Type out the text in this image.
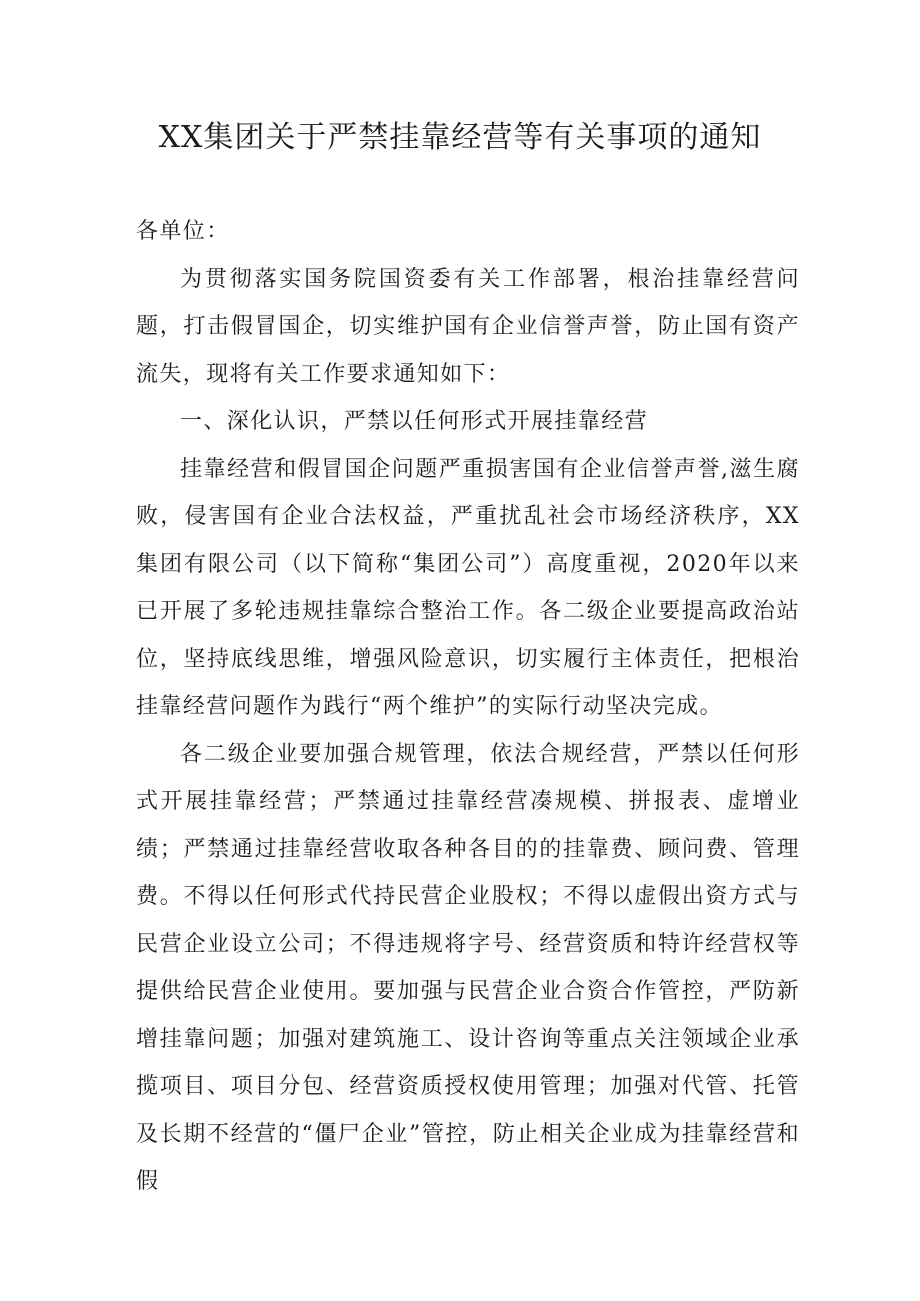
XX集团关于严禁挂靠经营等有关事项的通知

各单位：

为贯彻落实国务院国资委有关工作部署，根治挂靠经营问题，打击假冒国企，切实维护国有企业信誉声誉，防止国有资产流失，现将有关工作要求通知如下：

一、深化认识，严禁以任何形式开展挂靠经营

挂靠经营和假冒国企问题严重损害国有企业信誉声誉,滋生腐败，侵害国有企业合法权益，严重扰乱社会市场经济秩序，XX集团有限公司（以下简称“集团公司”）高度重视，2020年以来已开展了多轮违规挂靠综合整治工作。各二级企业要提高政治站位，坚持底线思维，增强风险意识，切实履行主体责任，把根治挂靠经营问题作为践行“两个维护”的实际行动坚决完成。

各二级企业要加强合规管理，依法合规经营，严禁以任何形式开展挂靠经营；严禁通过挂靠经营凑规模、拼报表、虚增业绩；严禁通过挂靠经营收取各种各目的的挂靠费、顾问费、管理费。不得以任何形式代持民营企业股权；不得以虚假出资方式与民营企业设立公司；不得违规将字号、经营资质和特许经营权等提供给民营企业使用。要加强与民营企业合资合作管控，严防新增挂靠问题；加强对建筑施工、设计咨询等重点关注领域企业承揽项目、项目分包、经营资质授权使用管理；加强对代管、托管及长期不经营的“僵尸企业”管控，防止相关企业成为挂靠经营和假
